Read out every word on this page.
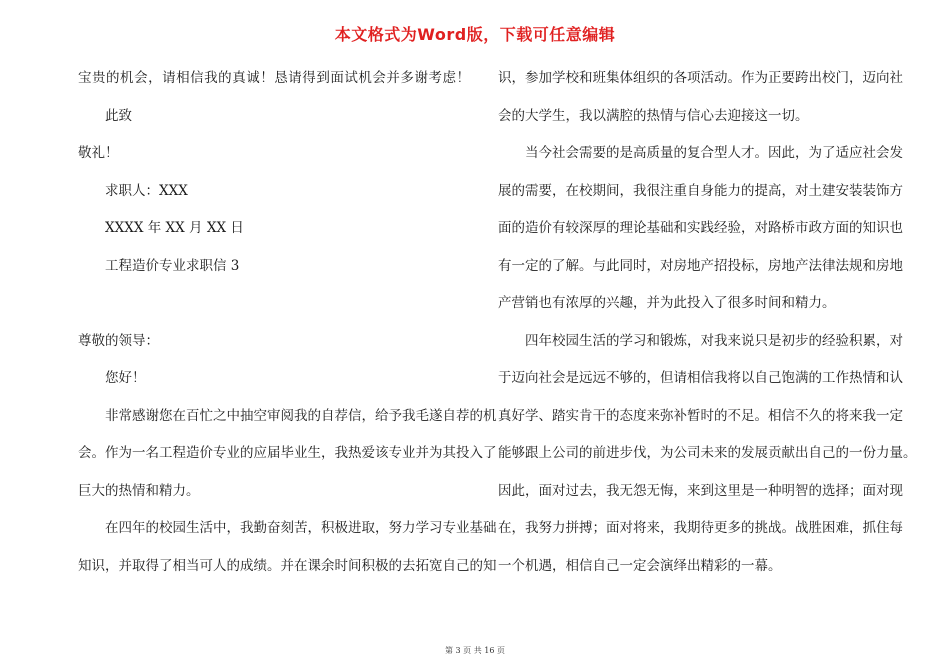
本文格式为Word版，下载可任意编辑
宝贵的机会，请相信我的真诚！恳请得到面试机会并多谢考虑！
此致
敬礼！
求职人：XXX
XXXX 年 XX 月 XX 日
工程造价专业求职信 3
尊敬的领导：
您好！
非常感谢您在百忙之中抽空审阅我的自荐信，给予我毛遂自荐的机
会。作为一名工程造价专业的应届毕业生，我热爱该专业并为其投入了
巨大的热情和精力。
在四年的校园生活中，我勤奋刻苦，积极进取，努力学习专业基础
知识，并取得了相当可人的成绩。并在课余时间积极的去拓宽自己的知
识，参加学校和班集体组织的各项活动。作为正要跨出校门，迈向社
会的大学生，我以满腔的热情与信心去迎接这一切。
当今社会需要的是高质量的复合型人才。因此，为了适应社会发
展的需要，在校期间，我很注重自身能力的提高，对土建安装装饰方
面的造价有较深厚的理论基础和实践经验，对路桥市政方面的知识也
有一定的了解。与此同时，对房地产招投标，房地产法律法规和房地
产营销也有浓厚的兴趣，并为此投入了很多时间和精力。
四年校园生活的学习和锻炼，对我来说只是初步的经验积累，对
于迈向社会是远远不够的，但请相信我将以自己饱满的工作热情和认
真好学、踏实肯干的态度来弥补暂时的不足。相信不久的将来我一定
能够跟上公司的前进步伐，为公司未来的发展贡献出自己的一份力量。
因此，面对过去，我无怨无悔，来到这里是一种明智的选择；面对现
在，我努力拼搏；面对将来，我期待更多的挑战。战胜困难，抓住每
一个机遇，相信自己一定会演绎出精彩的一幕。
第 3 页 共 16 页
